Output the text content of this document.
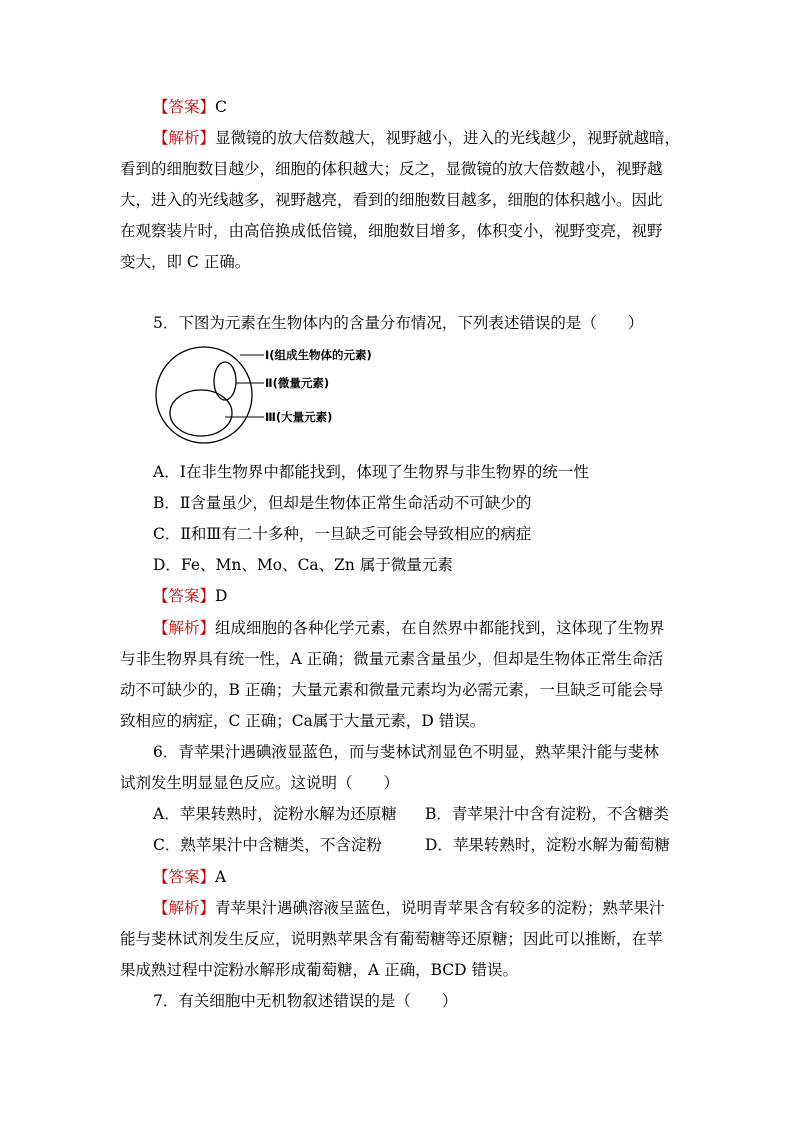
【答案】C
【解析】显微镜的放大倍数越大，视野越小，进入的光线越少，视野就越暗，
看到的细胞数目越少，细胞的体积越大；反之，显微镜的放大倍数越小，视野越
大，进入的光线越多，视野越亮，看到的细胞数目越多，细胞的体积越小。因此
在观察装片时，由高倍换成低倍镜，细胞数目增多，体积变小，视野变亮，视野
变大，即 C 正确。
5．下图为元素在生物体内的含量分布情况，下列表述错误的是（　　）
Ⅰ(组成生物体的元素)
Ⅱ(微量元素)
Ⅲ(大量元素)
A．Ⅰ在非生物界中都能找到，体现了生物界与非生物界的统一性
B．Ⅱ含量虽少，但却是生物体正常生命活动不可缺少的
C．Ⅱ和Ⅲ有二十多种，一旦缺乏可能会导致相应的病症
D．Fe、Mn、Mo、Ca、Zn 属于微量元素
【答案】D
【解析】组成细胞的各种化学元素，在自然界中都能找到，这体现了生物界
与非生物界具有统一性，A 正确；微量元素含量虽少，但却是生物体正常生命活
动不可缺少的，B 正确；大量元素和微量元素均为必需元素，一旦缺乏可能会导
致相应的病症，C 正确；Ca属于大量元素，D 错误。
6．青苹果汁遇碘液显蓝色，而与斐林试剂显色不明显，熟苹果汁能与斐林
试剂发生明显显色反应。这说明（　　）
A．苹果转熟时，淀粉水解为还原糖 B．青苹果汁中含有淀粉，不含糖类
C．熟苹果汁中含糖类，不含淀粉	D．苹果转熟时，淀粉水解为葡萄糖
【答案】A
【解析】青苹果汁遇碘溶液呈蓝色，说明青苹果含有较多的淀粉；熟苹果汁
能与斐林试剂发生反应，说明熟苹果含有葡萄糖等还原糖；因此可以推断，在苹
果成熟过程中淀粉水解形成葡萄糖，A 正确，BCD 错误。
7．有关细胞中无机物叙述错误的是（　　）
